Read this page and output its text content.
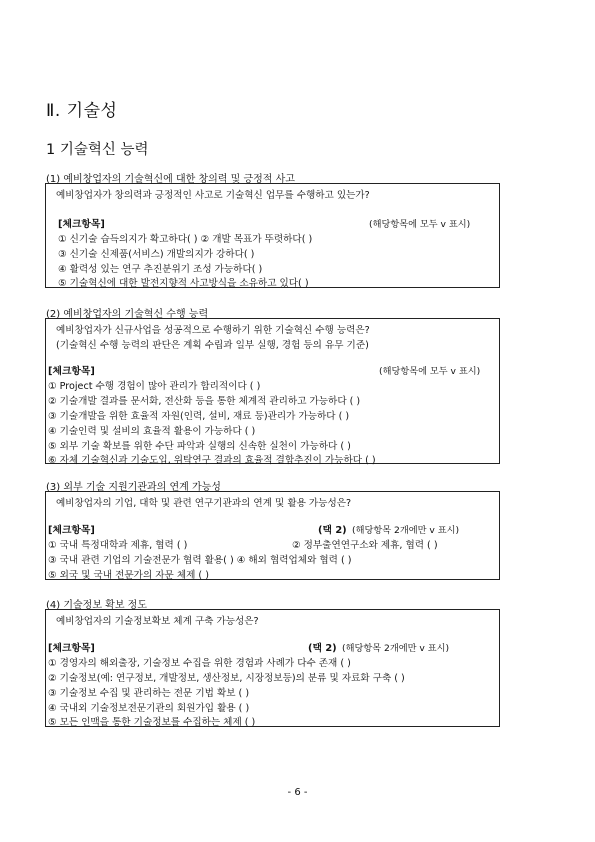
Ⅱ. 기술성
1 기술혁신 능력
(1) 예비창업자의 기술혁신에 대한 창의력 및 긍정적 사고
예비창업자가 창의력과 긍정적인 사고로 기술혁신 업무를 수행하고 있는가?
[체크항목]	(해당항목에 모두 v 표시)
① 신기술 습득의지가 확고하다( ) ② 개발 목표가 뚜렷하다( )
③ 신기술 신제품(서비스) 개발의지가 강하다( )
④ 활력성 있는 연구 추진분위기 조성 가능하다( )
⑤ 기술혁신에 대한 발전지향적 사고방식을 소유하고 있다( )
(2) 예비창업자의 기술혁신 수행 능력
예비창업자가 신규사업을 성공적으로 수행하기 위한 기술혁신 수행 능력은?
(기술혁신 수행 능력의 판단은 계획 수립과 일부 실행, 경험 등의 유무 기준)
[체크항목]	(해당항목에 모두 v 표시)
① Project 수행 경험이 많아 관리가 합리적이다 ( )
② 기술개발 결과를 문서화, 전산화 등을 통한 체계적 관리하고 가능하다 ( )
③ 기술개발을 위한 효율적 자원(인력, 설비, 재료 등)관리가 가능하다 ( )
④ 기술인력 및 설비의 효율적 활용이 가능하다 ( )
⑤ 외부 기술 확보를 위한 수단 파악과 실행의 신속한 실천이 가능하다 ( )
⑥ 자체 기술혁신과 기술도입, 위탁연구 결과의 효율적 결합추진이 가능하다 ( )
(3) 외부 기술 지원기관과의 연계 가능성
예비창업자의 기업, 대학 및 관련 연구기관과의 연계 및 활용 가능성은?
[체크항목]	(택 2) (해당항목 2개에만 v 표시)
① 국내 특정대학과 제휴, 협력 ( )	② 정부출연연구소와 제휴, 협력 ( )
③ 국내 관련 기업의 기술전문가 협력 활용( ) ④ 해외 협력업체와 협력 ( )
⑤ 외국 및 국내 전문가의 자문 체제 ( )
(4) 기술정보 확보 정도
예비창업자의 기술정보확보 체계 구축 가능성은?
[체크항목]	(택 2) (해당항목 2개에만 v 표시)
① 경영자의 해외출장, 기술정보 수집을 위한 경험과 사례가 다수 존재 ( )
② 기술정보(예: 연구정보, 개발정보, 생산정보, 시장정보등)의 분류 및 자료화 구축 ( )
③ 기술정보 수집 및 관리하는 전문 기법 확보 ( )
④ 국내외 기술정보전문기관의 회원가입 활용 ( )
⑤ 모든 인맥을 통한 기술정보를 수집하는 체제 ( )
- 6 -
